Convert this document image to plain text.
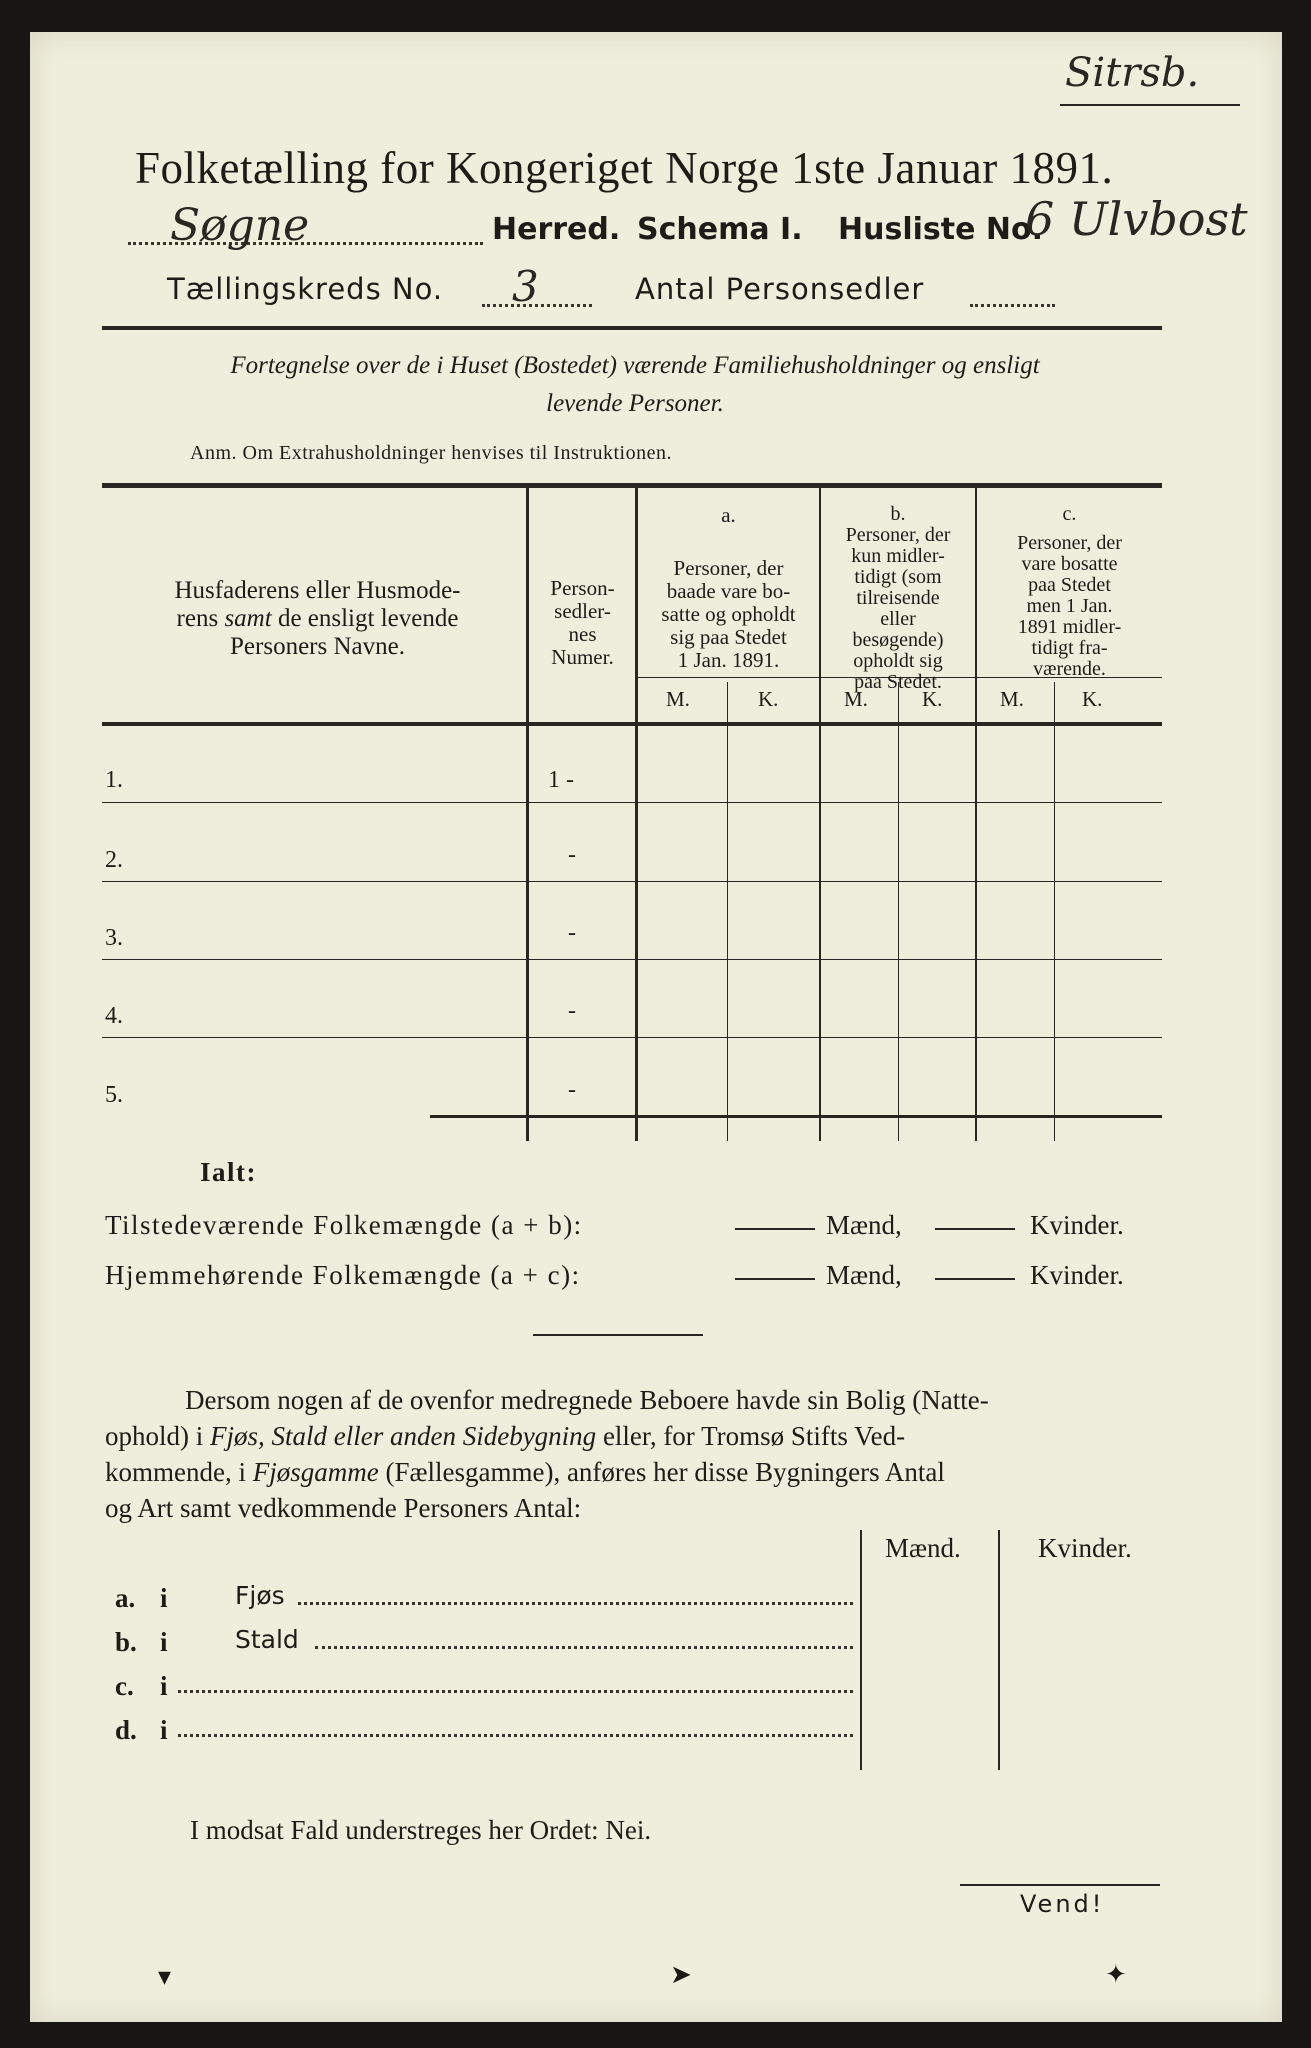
Sitrsb.
Folketælling for Kongeriget Norge 1ste Januar 1891.
Søgne	Herred. Schema I. Husliste No.
6 Ulvbost
Tællingskreds No. 3	Antal Personsedler
Fortegnelse over de i Huset (Bostedet) værende Familiehusholdninger og ensligt
levende Personer.
Anm. Om Extrahusholdninger henvises til Instruktionen.
Husfaderens eller Husmode-
rens samt de ensligt levende
Personers Navne.
Person-
sedler-
nes
Numer.
a.
Personer, der
baade vare bo-
satte og opholdt
sig paa Stedet
1 Jan. 1891.
b.
Personer, der
kun midler-
tidigt (som
tilreisende
eller
besøgende)
opholdt sig
paa Stedet.
c.
Personer, der
vare bosatte
paa Stedet
men 1 Jan.
1891 midler-
tidigt fra-
værende.
M.	K.	M.	K.	M.	K.
1.	1 -
2.	-
3.	-
4.	-
5.	-
Ialt:
Tilstedeværende Folkemængde (a + b):	Mænd,	Kvinder.
Hjemmehørende Folkemængde (a + c):	Mænd,	Kvinder.
Dersom nogen af de ovenfor medregnede Beboere havde sin Bolig (Natte-
ophold) i Fjøs, Stald eller anden Sidebygning eller, for Tromsø Stifts Ved-
kommende, i Fjøsgamme (Fællesgamme), anføres her disse Bygningers Antal
og Art samt vedkommende Personers Antal:
Mænd.	Kvinder.
a. i	Fjøs
b. i	Stald
c. i
d. i
I modsat Fald understreges her Ordet: Nei.
Vend!
▾	➤	✦
